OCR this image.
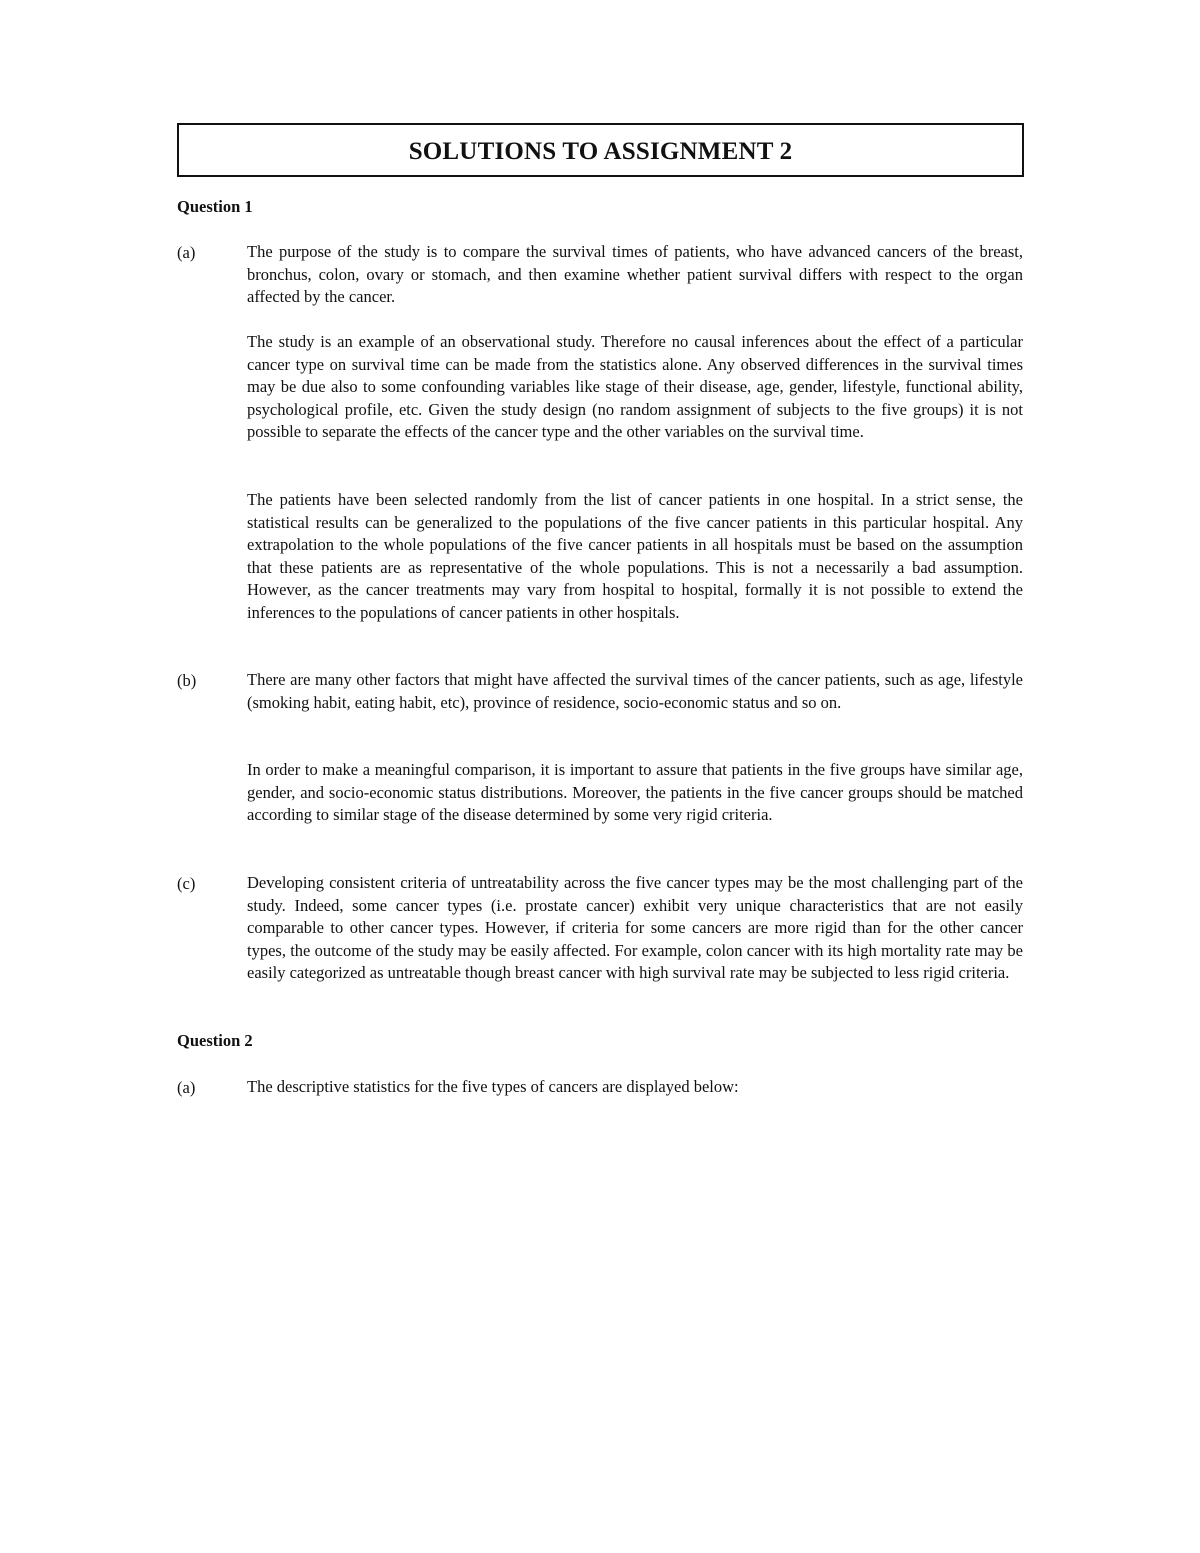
SOLUTIONS TO ASSIGNMENT 2
Question 1
(a)	The purpose of the study is to compare the survival times of patients, who have advanced cancers of the breast, bronchus, colon, ovary or stomach, and then examine whether patient survival differs with respect to the organ affected by the cancer.

The study is an example of an observational study. Therefore no causal inferences about the effect of a particular cancer type on survival time can be made from the statistics alone. Any observed differences in the survival times may be due also to some confounding variables like stage of their disease, age, gender, lifestyle, functional ability, psychological profile, etc. Given the study design (no random assignment of subjects to the five groups) it is not possible to separate the effects of the cancer type and the other variables on the survival time.

The patients have been selected randomly from the list of cancer patients in one hospital. In a strict sense, the statistical results can be generalized to the populations of the five cancer patients in this particular hospital. Any extrapolation to the whole populations of the five cancer patients in all hospitals must be based on the assumption that these patients are as representative of the whole populations. This is not a necessarily a bad assumption. However, as the cancer treatments may vary from hospital to hospital, formally it is not possible to extend the inferences to the populations of cancer patients in other hospitals.

(b)	There are many other factors that might have affected the survival times of the cancer patients, such as age, lifestyle (smoking habit, eating habit, etc), province of residence, socio-economic status and so on.

In order to make a meaningful comparison, it is important to assure that patients in the five groups have similar age, gender, and socio-economic status distributions. Moreover, the patients in the five cancer groups should be matched according to similar stage of the disease determined by some very rigid criteria.

(c)	Developing consistent criteria of untreatability across the five cancer types may be the most challenging part of the study. Indeed, some cancer types (i.e. prostate cancer) exhibit very unique characteristics that are not easily comparable to other cancer types. However, if criteria for some cancers are more rigid than for the other cancer types, the outcome of the study may be easily affected. For example, colon cancer with its high mortality rate may be easily categorized as untreatable though breast cancer with high survival rate may be subjected to less rigid criteria.

Question 2
(a)	The descriptive statistics for the five types of cancers are displayed below:
